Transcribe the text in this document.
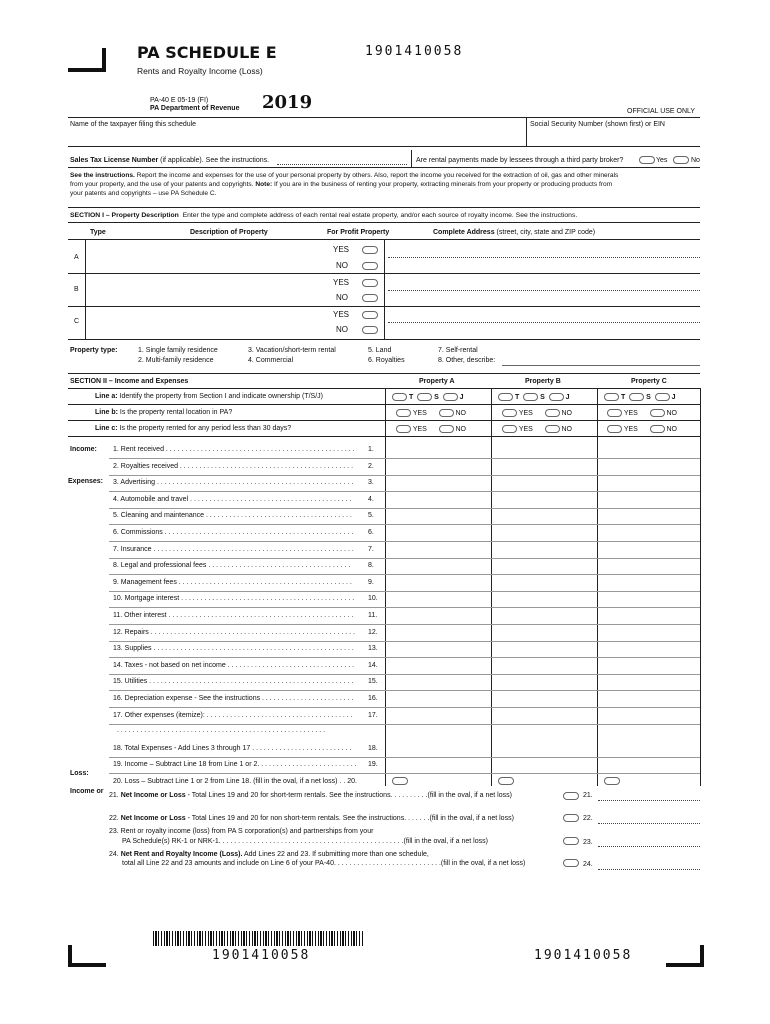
PA SCHEDULE E	1901410058
Rents and Royalty Income (Loss)
PA-40 E 05-19 (FI)
PA Department of Revenue 2019	OFFICIAL USE ONLY
Name of the taxpayer filing this schedule	Social Security Number (shown first) or EIN
Sales Tax License Number (if applicable). See the instructions.	Are rental payments made by lessees through a third party broker?	Yes	No
See the instructions. Report the income and expenses for the use of your personal property by others. Also, report the income you received for the extraction of oil, gas and other minerals
from your property, and the use of your patents and copyrights. Note: If you are in the business of renting your property, extracting minerals from your property or producing products from
your patents and copyrights – use PA Schedule C.
SECTION I – Property Description Enter the type and complete address of each rental real estate property, and/or each source of royalty income. See the instructions.
Type	Description of Property	For Profit Property	Complete Address (street, city, state and ZIP code)
A
YES
NO
B
YES
NO
C
YES
NO
Property type:	1. Single family residence
2. Multi-family residence
3. Vacation/short-term rental
4. Commercial
5. Land
6. Royalties
7. Self-rental
8. Other, describe:
SECTION II – Income and Expenses	Property A	Property B	Property C
Line a: Identify the property from Section I and indicate ownership (T/S/J)	T	S	J	T	S	J	T	S	J
Line b: Is the property rental location in PA?	YES	NO	YES	NO	YES	NO
Line c: Is the property rented for any period less than 30 days?	YES	NO	YES	NO	YES	NO
Income:
Expenses:
Income or
Loss:
1. Rent received . . . . . . . . . . . . . . . . . . . . . . . . . . . . . . . . . . . . . . . . . . . . . . . . . 1.
2. Royalties received . . . . . . . . . . . . . . . . . . . . . . . . . . . . . . . . . . . . . . . . . . . . . 2.
3. Advertising . . . . . . . . . . . . . . . . . . . . . . . . . . . . . . . . . . . . . . . . . . . . . . . . . . . 3.
4. Automobile and travel . . . . . . . . . . . . . . . . . . . . . . . . . . . . . . . . . . . . . . . . . . 4.
5. Cleaning and maintenance . . . . . . . . . . . . . . . . . . . . . . . . . . . . . . . . . . . . . . 5.
6. Commissions . . . . . . . . . . . . . . . . . . . . . . . . . . . . . . . . . . . . . . . . . . . . . . . . . 6.
7. Insurance . . . . . . . . . . . . . . . . . . . . . . . . . . . . . . . . . . . . . . . . . . . . . . . . . . . . 7.
8. Legal and professional fees . . . . . . . . . . . . . . . . . . . . . . . . . . . . . . . . . . . . .	8.
9. Management fees . . . . . . . . . . . . . . . . . . . . . . . . . . . . . . . . . . . . . . . . . . . . . 9.
10. Mortgage interest . . . . . . . . . . . . . . . . . . . . . . . . . . . . . . . . . . . . . . . . . . . . . 10.
11. Other interest . . . . . . . . . . . . . . . . . . . . . . . . . . . . . . . . . . . . . . . . . . . . . . . . 11.
12. Repairs . . . . . . . . . . . . . . . . . . . . . . . . . . . . . . . . . . . . . . . . . . . . . . . . . . . . . 12.
13. Supplies . . . . . . . . . . . . . . . . . . . . . . . . . . . . . . . . . . . . . . . . . . . . . . . . . . . . 13.
14. Taxes - not based on net income . . . . . . . . . . . . . . . . . . . . . . . . . . . . . . . . . 14.
15. Utilities . . . . . . . . . . . . . . . . . . . . . . . . . . . . . . . . . . . . . . . . . . . . . . . . . . . . . 15.
16. Depreciation expense - See the instructions . . . . . . . . . . . . . . . . . . . . . . . . 16.
17. Other expenses (itemize): . . . . . . . . . . . . . . . . . . . . . . . . . . . . . . . . . . . . . . 17.
18. Total Expenses - Add Lines 3 through 17 . . . . . . . . . . . . . . . . . . . . . . . . . . 18.
19. Income – Subtract Line 18 from Line 1 or 2. . . . . . . . . . . . . . . . . . . . . . . . . . 19.
20. Loss – Subtract Line 1 or 2 from Line 18. (fill in the oval, if a net loss) . . 20.
. . . . . . . . . . . . . . . . . . . . . . . . . . . . . . . . . . . . . . . . . . . . . . . . . . . . . .
21. Net Income or Loss - Total Lines 19 and 20 for short-term rentals. See the instructions. . . . . . . . . .(fill in the oval, if a net loss)	21.
22. Net Income or Loss - Total Lines 19 and 20 for non short-term rentals. See the instructions. . . . . . .(fill in the oval, if a net loss)	22.
23. Rent or royalty income (loss) from PA S corporation(s) and partnerships from your
PA Schedule(s) RK-1 or NRK-1. . . . . . . . . . . . . . . . . . . . . . . . . . . . . . . . . . . . . . . . . . . . . . . .(fill in the oval, if a net loss)	23.
24. Net Rent and Royalty Income (Loss). Add Lines 22 and 23. If submitting more than one schedule,
total all Line 22 and 23 amounts and include on Line 6 of your PA-40. . . . . . . . . . . . . . . . . . . . . . . . . . . .(fill in the oval, if a net loss)	24.
1901410058	1901410058
